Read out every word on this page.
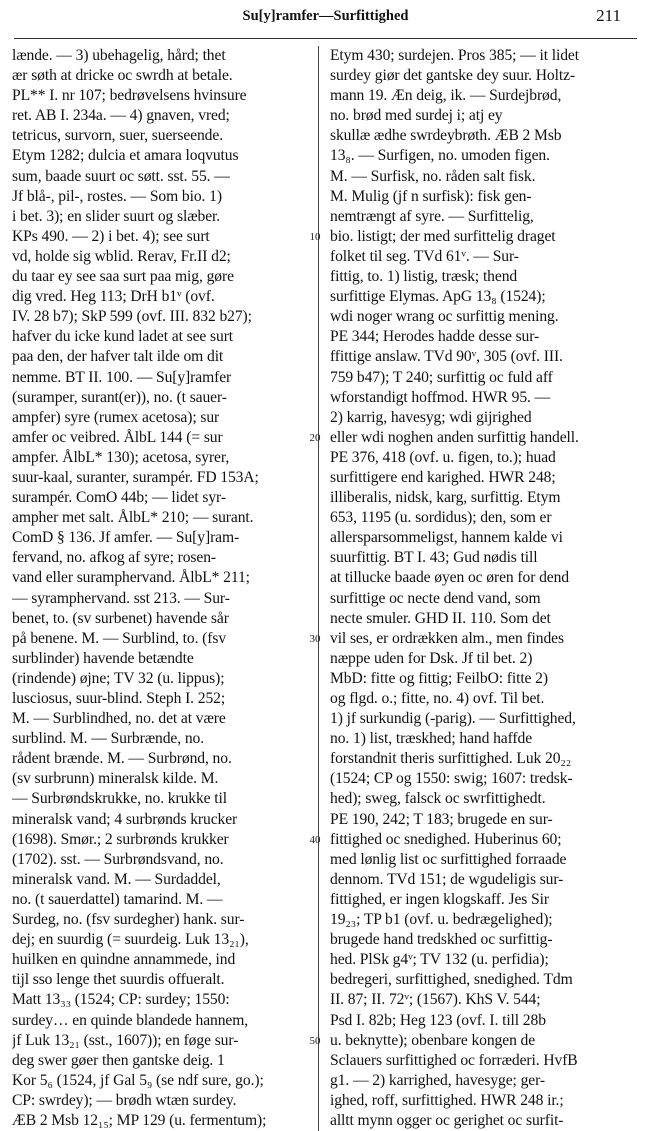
Su[y]ramfer—Surfittighed	211
lænde. — 3) ubehagelig, hård; thet
ær søth at dricke oc swrdh at betale.
PL** I. nr 107; bedrøvelsens hvinsure
ret. AB I. 234a. — 4) gnaven, vred;
tetricus, survorn, suer, suerseende.
Etym 1282; dulcia et amara loqvutus
sum, baade suurt oc søtt. sst. 55. —
Jf blå-, pil-, rostes. — Som bio. 1)
i bet. 3); en slider suurt og slæber.
KPs 490. — 2) i bet. 4); see surt
vd, holde sig wblid. Rerav, Fr.II d2;
du taar ey see saa surt paa mig, gøre
dig vred. Heg 113; DrH b1ᵛ (ovf.
IV. 28 b7); SkP 599 (ovf. III. 832 b27);
hafver du icke kund ladet at see surt
paa den, der hafver talt ilde om dit
nemme. BT II. 100. — Su[y]ramfer
(suramper, surant(er)), no. (t sauer-
ampfer) syre (rumex acetosa); sur
amfer oc veibred. ÅlbL 144 (= sur
ampfer. ÅlbL* 130); acetosa, syrer,
suur-kaal, suranter, surampér. FD 153A;
surampér. ComO 44b; — lidet syr-
ampher met salt. ÅlbL* 210; — surant.
ComD § 136. Jf amfer. — Su[y]ram-
fervand, no. afkog af syre; rosen-
vand eller suramphervand. ÅlbL* 211;
— syramphervand. sst 213. — Sur-
benet, to. (sv surbenet) havende sår
på benene. M. — Surblind, to. (fsv
surblinder) havende betændte
(rindende) øjne; TV 32 (u. lippus);
lusciosus, suur-blind. Steph I. 252;
M. — Surblindhed, no. det at være
surblind. M. — Surbrænde, no.
rådent brænde. M. — Surbrønd, no.
(sv surbrunn) mineralsk kilde. M.
— Surbrøndskrukke, no. krukke til
mineralsk vand; 4 surbrønds krucker
(1698). Smør.; 2 surbrønds krukker
(1702). sst. — Surbrøndsvand, no.
mineralsk vand. M. — Surdaddel,
no. (t sauerdattel) tamarind. M. —
Surdeg, no. (fsv surdegher) hank. sur-
dej; en suurdig (= suurdeig. Luk 13₂₁),
huilken en quindne annammede, ind
tijl sso lenge thet suurdis offueralt.
Matt 13₃₃ (1524; CP: surdey; 1550:
surdey… en quinde blandede hannem,
jf Luk 13₂₁ (sst., 1607)); en føge sur-
deg swer gøer then gantske deig. 1
Kor 5₆ (1524, jf Gal 5₉ (se ndf sure, go.);
CP: swrdey); — brødh wtæn surdey.
ÆB 2 Msb 12₁₅; MP 129 (u. fermentum);
Etym 430; surdejen. Pros 385; — it lidet
surdey giør det gantske dey suur. Holtz-
mann 19. Æn deig, ik. — Surdejbrød,
no. brød med surdej i; atj ey
skullæ ædhe swrdeybrøth. ÆB 2 Msb
13₈. — Surfigen, no. umoden figen.
M. — Surfisk, no. råden salt fisk.
M. Mulig (jf n surfisk): fisk gen-
nemtrængt af syre. — Surfittelig,
bio. listigt; der med surfittelig draget
folket til seg. TVd 61ᵛ. — Sur-
fittig, to. 1) listig, træsk; thend
surfittige Elymas. ApG 13₈ (1524);
wdi noger wrang oc surfittig mening.
PE 344; Herodes hadde desse sur-
ffittige anslaw. TVd 90ᵛ, 305 (ovf. III.
759 b47); T 240; surfittig oc fuld aff
wforstandigt hoffmod. HWR 95. —
2) karrig, havesyg; wdi gijrighed
eller wdi noghen anden surfittig handell.
PE 376, 418 (ovf. u. figen, to.); huad
surfittigere end karighed. HWR 248;
illiberalis, nidsk, karg, surfittig. Etym
653, 1195 (u. sordidus); den, som er
allersparsommeligst, hannem kalde vi
suurfittig. BT I. 43; Gud nødis till
at tillucke baade øyen oc øren for dend
surfittige oc necte dend vand, som
necte smuler. GHD II. 110. Som det
vil ses, er ordrækken alm., men findes
næppe uden for Dsk. Jf til bet. 2)
MbD: fitte og fittig; FeilbO: fitte 2)
og flgd. o.; fitte, no. 4) ovf. Til bet.
1) jf surkundig (-parig). — Surfittighed,
no. 1) list, træskhed; hand haffde
forstandnit theris surfittighed. Luk 20₂₂
(1524; CP og 1550: swig; 1607: tredsk-
hed); sweg, falsck oc swrfittighedt.
PE 190, 242; T 183; brugede en sur-
fittighed oc snedighed. Huberinus 60;
med lønlig list oc surfittighed forraade
dennom. TVd 151; de wgudeligis sur-
fittighed, er ingen klogskaff. Jes Sir
19₂₃; TP b1 (ovf. u. bedrægelighed);
brugede hand tredskhed oc surfittig-
hed. PlSk g4ᵛ; TV 132 (u. perfidia);
bedregeri, surfittighed, snedighed. Tdm
II. 87; II. 72ᵛ; (1567). KhS V. 544;
Psd I. 82b; Heg 123 (ovf. I. till 28b
u. beknytte); obenbare kongen de
Sclauers surfittighed oc forræderi. HvfB
g1. — 2) karrighed, havesyge; ger-
ighed, roff, surfittighed. HWR 248 ir.;
alltt mynn ogger oc gerighet oc surfit-
10
20
30
40
50
